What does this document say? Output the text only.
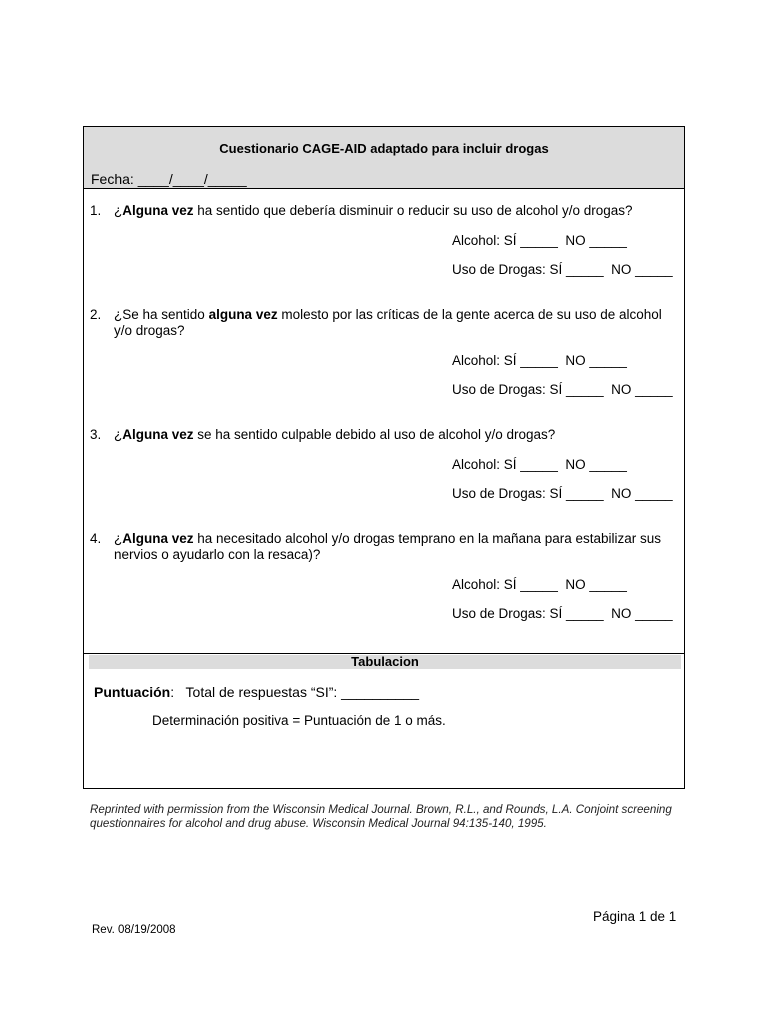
Cuestionario CAGE-AID adaptado para incluir drogas
Fecha: ____/____/_____
1. ¿Alguna vez ha sentido que debería disminuir o reducir su uso de alcohol y/o drogas?
Alcohol: SÍ _____  NO _____
Uso de Drogas: SÍ _____  NO _____
2. ¿Se ha sentido alguna vez molesto por las críticas de la gente acerca de su uso de alcohol y/o drogas?
Alcohol: SÍ _____  NO _____
Uso de Drogas: SÍ _____  NO _____
3. ¿Alguna vez se ha sentido culpable debido al uso de alcohol y/o drogas?
Alcohol: SÍ _____  NO _____
Uso de Drogas: SÍ _____  NO _____
4. ¿Alguna vez ha necesitado alcohol y/o drogas temprano en la mañana para estabilizar sus nervios o ayudarlo con la resaca)?
Alcohol: SÍ _____  NO _____
Uso de Drogas: SÍ _____  NO _____
Tabulacion
Puntuación:   Total de respuestas “SI”: __________
Determinación positiva = Puntuación de 1 o más.
Reprinted with permission from the Wisconsin Medical Journal. Brown, R.L., and Rounds, L.A. Conjoint screening questionnaires for alcohol and drug abuse. Wisconsin Medical Journal 94:135-140, 1995.
Página 1 de 1
Rev. 08/19/2008
